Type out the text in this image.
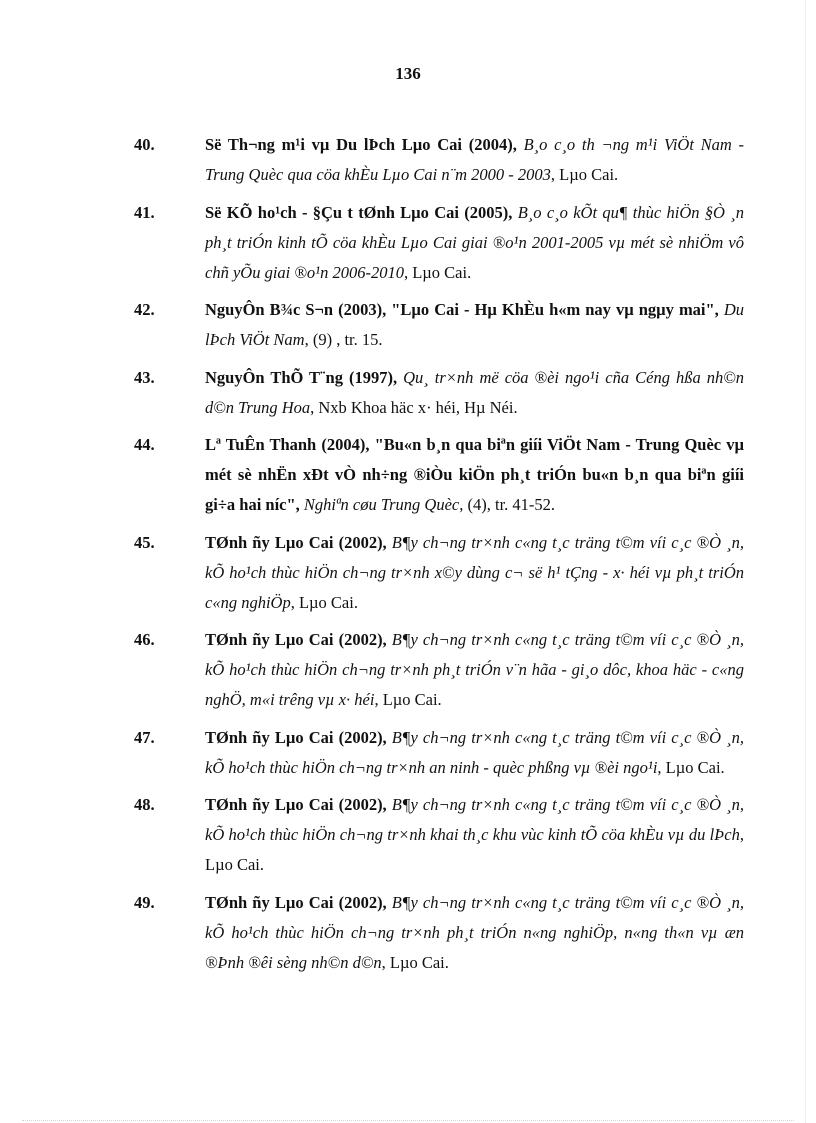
136
40.	Së Th¬ng m¹i vµ Du lÞch Lµo Cai (2004), B¸o c¸o th ¬ng m¹i ViÖt Nam - Trung Quèc qua cöa khÈu Lµo Cai n¨m 2000 - 2003, Lµo Cai.
41.	Së KÕ ho¹ch - §Çu t tØnh Lµo Cai (2005), B¸o c¸o kÕt qu¶ thùc hiÖn §Ò ¸n ph¸t triÓn kinh tÕ cöa khÈu Lµo Cai giai ®o¹n 2001-2005 vµ mét sè nhiÖm vô chñ yÕu giai ®o¹n 2006-2010, Lµo Cai.
42.	NguyÔn B¾c S¬n (2003), "Lµo Cai - Hµ KhÈu h«m nay vµ ngµy mai", Du lÞch ViÖt Nam, (9) , tr. 15.
43.	NguyÔn ThÕ T¨ng (1997), Qu¸ tr×nh më cöa ®èi ngo¹i cña Céng hßa nh©n d©n Trung Hoa, Nxb Khoa häc x· héi, Hµ Néi.
44.	Lª TuÊn Thanh (2004), "Bu«n b¸n qua biªn giíi ViÖt Nam - Trung Quèc vµ mét sè nhËn xÐt vÒ nh÷ng ®iÒu kiÖn ph¸t triÓn bu«n b¸n qua biªn giíi gi÷a hai níc", Nghiªn cøu Trung Quèc, (4), tr. 41-52.
45.	TØnh ñy Lµo Cai (2002), B¶y ch¬ng tr×nh c«ng t¸c träng t©m víi c¸c ®Ò ¸n, kÕ ho¹ch thùc hiÖn ch¬ng tr×nh x©y dùng c¬ së h¹ tÇng - x· héi vµ ph¸t triÓn c«ng nghiÖp, Lµo Cai.
46.	TØnh ñy Lµo Cai (2002), B¶y ch¬ng tr×nh c«ng t¸c träng t©m víi c¸c ®Ò ¸n, kÕ ho¹ch thùc hiÖn ch¬ng tr×nh ph¸t triÓn v¨n hãa - gi¸o dôc, khoa häc - c«ng nghÖ, m«i trêng vµ x· héi, Lµo Cai.
47.	TØnh ñy Lµo Cai (2002), B¶y ch¬ng tr×nh c«ng t¸c träng t©m víi c¸c ®Ò ¸n, kÕ ho¹ch thùc hiÖn ch¬ng tr×nh an ninh - quèc phßng vµ ®èi ngo¹i, Lµo Cai.
48.	TØnh ñy Lµo Cai (2002), B¶y ch¬ng tr×nh c«ng t¸c träng t©m víi c¸c ®Ò ¸n, kÕ ho¹ch thùc hiÖn ch¬ng tr×nh khai th¸c khu vùc kinh tÕ cöa khÈu vµ du lÞch, Lµo Cai.
49.	TØnh ñy Lµo Cai (2002), B¶y ch¬ng tr×nh c«ng t¸c träng t©m víi c¸c ®Ò ¸n, kÕ ho¹ch thùc hiÖn ch¬ng tr×nh ph¸t triÓn n«ng nghiÖp, n«ng th«n vµ æn ®Þnh ®êi sèng nh©n d©n, Lµo Cai.
